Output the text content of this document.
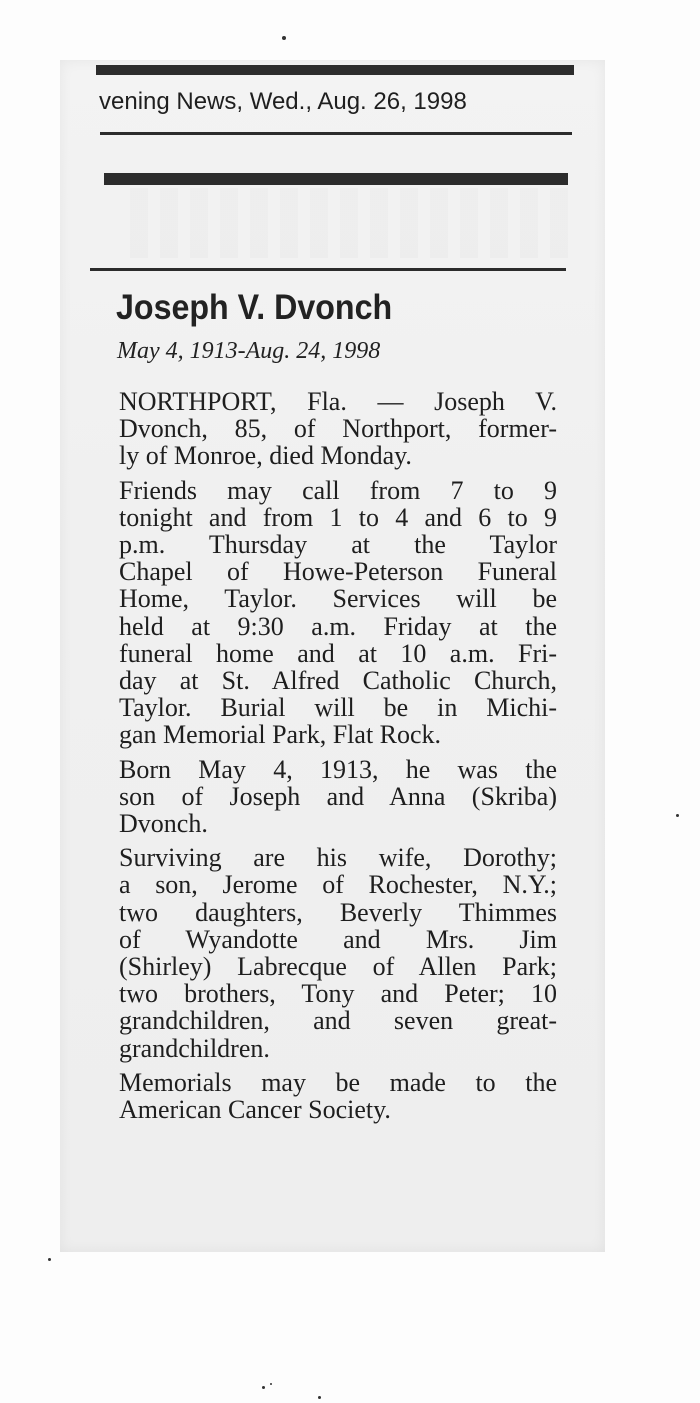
vening News, Wed., Aug. 26, 1998
Joseph V. Dvonch
May 4, 1913-Aug. 24, 1998
NORTHPORT, Fla. — Joseph V.
Dvonch, 85, of Northport, former-
ly of Monroe, died Monday.
Friends may call from 7 to 9
tonight and from 1 to 4 and 6 to 9
p.m. Thursday at the Taylor
Chapel of Howe-Peterson Funeral
Home, Taylor. Services will be
held at 9:30 a.m. Friday at the
funeral home and at 10 a.m. Fri-
day at St. Alfred Catholic Church,
Taylor. Burial will be in Michi-
gan Memorial Park, Flat Rock.
Born May 4, 1913, he was the
son of Joseph and Anna (Skriba)
Dvonch.
Surviving are his wife, Dorothy;
a son, Jerome of Rochester, N.Y.;
two daughters, Beverly Thimmes
of Wyandotte and Mrs. Jim
(Shirley) Labrecque of Allen Park;
two brothers, Tony and Peter; 10
grandchildren, and seven great-
grandchildren.
Memorials may be made to the
American Cancer Society.
